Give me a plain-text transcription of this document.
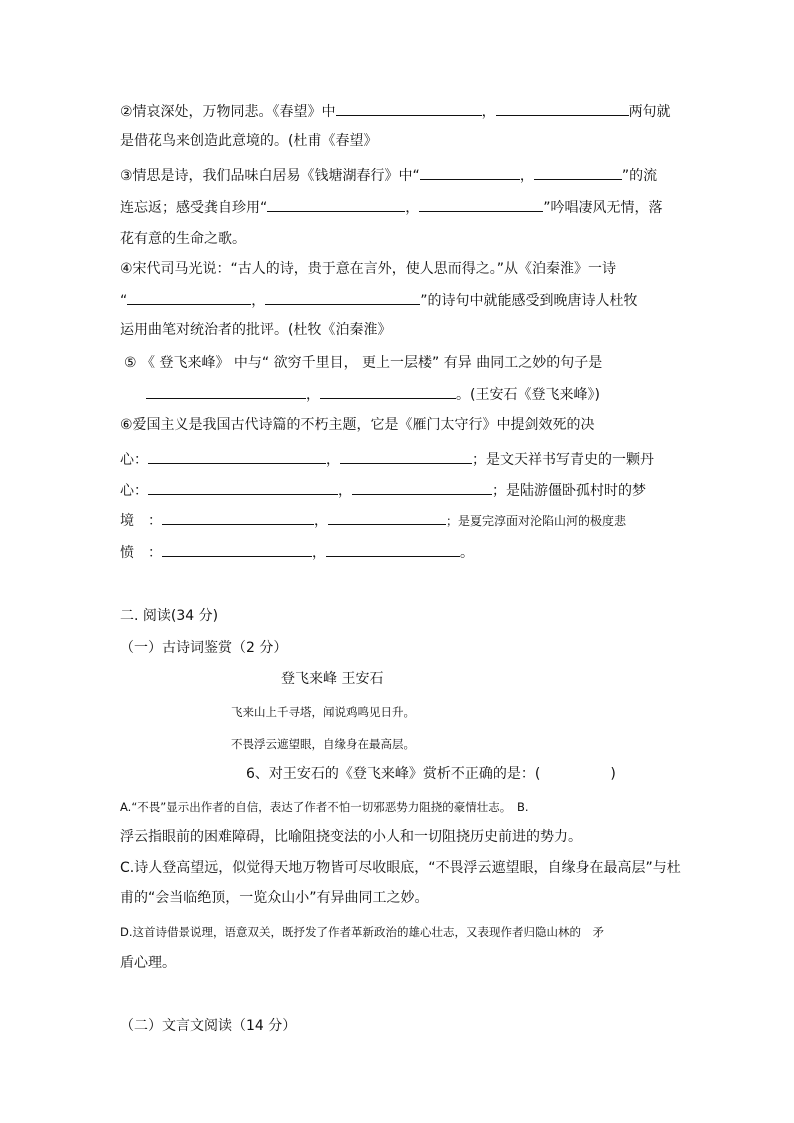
②情哀深处，万物同悲。《春望》中	，	两句就
是借花鸟来创造此意境的。(杜甫《春望》
③情思是诗，我们品味白居易《钱塘湖春行》中“	，	”的流
连忘返；感受龚自珍用“	，	”吟唱凄风无情，落
花有意的生命之歌。
④宋代司马光说：“古人的诗，贵于意在言外，使人思而得之。”从《泊秦淮》一诗
“	，	”的诗句中就能感受到晚唐诗人杜牧
运用曲笔对统治者的批评。(杜牧《泊秦淮》
⑤ 《 登飞来峰》 中与“ 欲穷千里目， 更上一层楼” 有异 曲同工之妙的句子是
，	。(王安石《登飞来峰》)
⑥爱国主义是我国古代诗篇的不朽主题，它是《雁门太守行》中提剑效死的决
心：	，	；是文天祥书写青史的一颗丹
心：	，	；是陆游僵卧孤村时的梦
境　：	，	；是夏完淳面对沦陷山河的极度悲
愤　：	，	。
二. 阅读(34 分)
（一）古诗词鉴赏（2 分）
登飞来峰 王安石
飞来山上千寻塔，闻说鸡鸣见日升。
不畏浮云遮望眼，自缘身在最高层。
6、对王安石的《登飞来峰》赏析不正确的是：(　　　　　)
A.“不畏”显示出作者的自信，表达了作者不怕一切邪恶势力阻挠的豪情壮志。　B.
浮云指眼前的困难障碍，比喻阻挠变法的小人和一切阻挠历史前进的势力。
C.诗人登高望远，似觉得天地万物皆可尽收眼底，“不畏浮云遮望眼，自缘身在最高层”与杜
甫的“会当临绝顶，一览众山小”有异曲同工之妙。
D.这首诗借景说理，语意双关，既抒发了作者革新政治的雄心壮志，又表现作者归隐山林的　矛
盾心理。
（二）文言文阅读（14 分）
